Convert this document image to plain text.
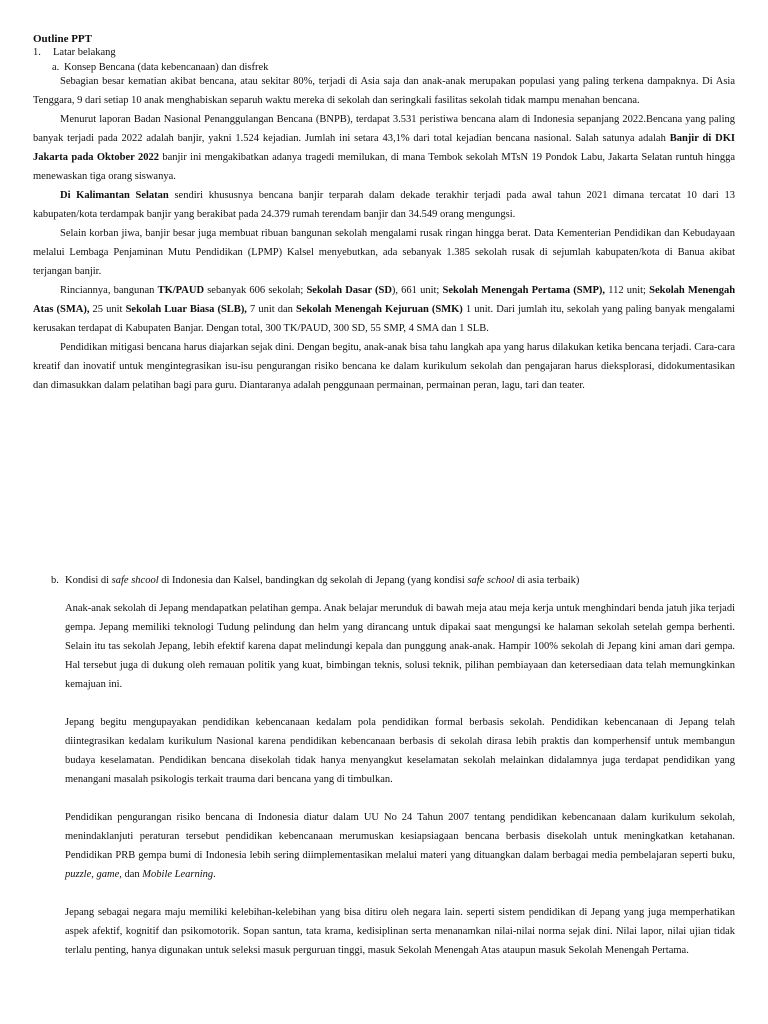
Outline PPT
1. Latar belakang
a. Konsep Bencana (data kebencanaan) dan disfrek

Sebagian besar kematian akibat bencana, atau sekitar 80%, terjadi di Asia saja dan anak-anak merupakan populasi yang paling terkena dampaknya. Di Asia Tenggara, 9 dari setiap 10 anak menghabiskan separuh waktu mereka di sekolah dan seringkali fasilitas sekolah tidak mampu menahan bencana.

Menurut laporan Badan Nasional Penanggulangan Bencana (BNPB), terdapat 3.531 peristiwa bencana alam di Indonesia sepanjang 2022.Bencana yang paling banyak terjadi pada 2022 adalah banjir, yakni 1.524 kejadian. Jumlah ini setara 43,1% dari total kejadian bencana nasional. Salah satunya adalah Banjir di DKI Jakarta pada Oktober 2022 banjir ini mengakibatkan adanya tragedi memilukan, di mana Tembok sekolah MTsN 19 Pondok Labu, Jakarta Selatan runtuh hingga menewaskan tiga orang siswanya.

Di Kalimantan Selatan sendiri khususnya bencana banjir terparah dalam dekade terakhir terjadi pada awal tahun 2021 dimana tercatat 10 dari 13 kabupaten/kota terdampak banjir yang berakibat pada 24.379 rumah terendam banjir dan 34.549 orang mengungsi.

Selain korban jiwa, banjir besar juga membuat ribuan bangunan sekolah mengalami rusak ringan hingga berat. Data Kementerian Pendidikan dan Kebudayaan melalui Lembaga Penjaminan Mutu Pendidikan (LPMP) Kalsel menyebutkan, ada sebanyak 1.385 sekolah rusak di sejumlah kabupaten/kota di Banua akibat terjangan banjir.

Rinciannya, bangunan TK/PAUD sebanyak 606 sekolah; Sekolah Dasar (SD), 661 unit; Sekolah Menengah Pertama (SMP), 112 unit; Sekolah Menengah Atas (SMA), 25 unit Sekolah Luar Biasa (SLB), 7 unit dan Sekolah Menengah Kejuruan (SMK) 1 unit. Dari jumlah itu, sekolah yang paling banyak mengalami kerusakan terdapat di Kabupaten Banjar. Dengan total, 300 TK/PAUD, 300 SD, 55 SMP, 4 SMA dan 1 SLB.

Pendidikan mitigasi bencana harus diajarkan sejak dini. Dengan begitu, anak-anak bisa tahu langkah apa yang harus dilakukan ketika bencana terjadi. Cara-cara kreatif dan inovatif untuk mengintegrasikan isu-isu pengurangan risiko bencana ke dalam kurikulum sekolah dan pengajaran harus dieksplorasi, didokumentasikan dan dimasukkan dalam pelatihan bagi para guru. Diantaranya adalah penggunaan permainan, permainan peran, lagu, tari dan teater.

b. Kondisi di safe shcool di Indonesia dan Kalsel, bandingkan dg sekolah di Jepang (yang kondisi safe school di asia terbaik)

Anak-anak sekolah di Jepang mendapatkan pelatihan gempa. Anak belajar merunduk di bawah meja atau meja kerja untuk menghindari benda jatuh jika terjadi gempa. Jepang memiliki teknologi Tudung pelindung dan helm yang dirancang untuk dipakai saat mengungsi ke halaman sekolah setelah gempa berhenti. Selain itu tas sekolah Jepang, lebih efektif karena dapat melindungi kepala dan punggung anak-anak. Hampir 100% sekolah di Jepang kini aman dari gempa. Hal tersebut juga di dukung oleh remauan politik yang kuat, bimbingan teknis, solusi teknik, pilihan pembiayaan dan ketersediaan data telah memungkinkan kemajuan ini.

Jepang begitu mengupayakan pendidikan kebencanaan kedalam pola pendidikan formal berbasis sekolah. Pendidikan kebencanaan di Jepang telah diintegrasikan kedalam kurikulum Nasional karena pendidikan kebencanaan berbasis di sekolah dirasa lebih praktis dan komperhensif untuk membangun budaya keselamatan. Pendidikan bencana disekolah tidak hanya menyangkut keselamatan sekolah melainkan didalamnya juga terdapat pendidikan yang menangani masalah psikologis terkait trauma dari bencana yang di timbulkan.

Pendidikan pengurangan risiko bencana di Indonesia diatur dalam UU No 24 Tahun 2007 tentang pendidikan kebencanaan dalam kurikulum sekolah, menindaklanjuti peraturan tersebut pendidikan kebencanaan merumuskan kesiapsiagaan bencana berbasis disekolah untuk meningkatkan ketahanan. Pendidikan PRB gempa bumi di Indonesia lebih sering diimplementasikan melalui materi yang dituangkan dalam berbagai media pembelajaran seperti buku, puzzle, game, dan Mobile Learning.

Jepang sebagai negara maju memiliki kelebihan-kelebihan yang bisa ditiru oleh negara lain. seperti sistem pendidikan di Jepang yang juga memperhatikan aspek afektif, kognitif dan psikomotorik. Sopan santun, tata krama, kedisiplinan serta menanamkan nilai-nilai norma sejak dini. Nilai lapor, nilai ujian tidak terlalu penting, hanya digunakan untuk seleksi masuk perguruan tinggi, masuk Sekolah Menengah Atas ataupun masuk Sekolah Menengah Pertama.
